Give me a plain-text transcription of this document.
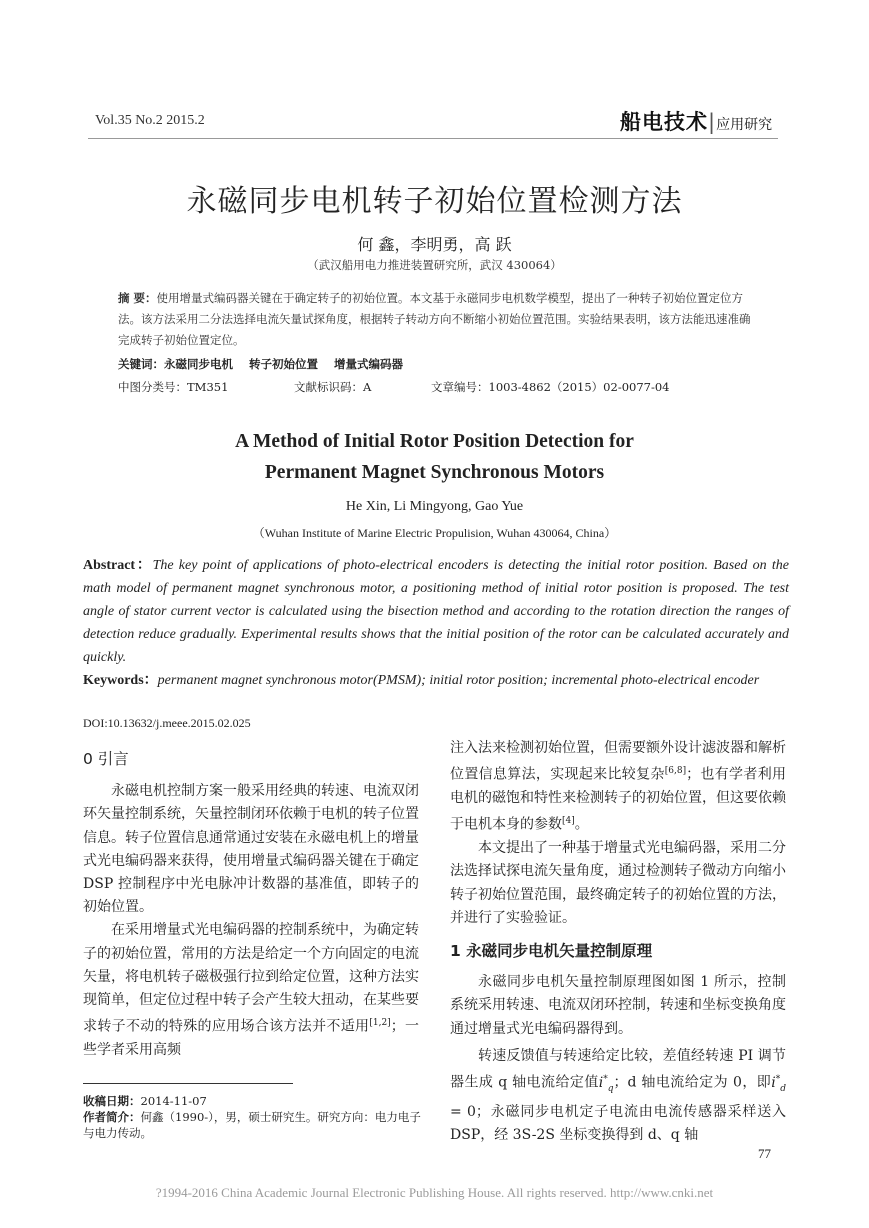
Vol.35 No.2 2015.2	船电技术|应用研究
永磁同步电机转子初始位置检测方法
何 鑫，李明勇，高 跃
（武汉船用电力推进装置研究所，武汉 430064）
摘 要：使用增量式编码器关键在于确定转子的初始位置。本文基于永磁同步电机数学模型，提出了一种转子初始位置定位方法。该方法采用二分法选择电流矢量试探角度，根据转子转动方向不断缩小初始位置范围。实验结果表明，该方法能迅速准确完成转子初始位置定位。
关键词：永磁同步电机 转子初始位置 增量式编码器
中图分类号：TM351	文献标识码：A	文章编号：1003-4862（2015）02-0077-04
A Method of Initial Rotor Position Detection for
Permanent Magnet Synchronous Motors
He Xin, Li Mingyong, Gao Yue
（Wuhan Institute of Marine Electric Propulision, Wuhan 430064, China）
Abstract：The key point of applications of photo-electrical encoders is detecting the initial rotor position. Based on the math model of permanent magnet synchronous motor, a positioning method of initial rotor position is proposed. The test angle of stator current vector is calculated using the bisection method and according to the rotation direction the ranges of detection reduce gradually. Experimental results shows that the initial position of the rotor can be calculated accurately and quickly.
Keywords：permanent magnet synchronous motor(PMSM); initial rotor position; incremental photo-electrical encoder
DOI:10.13632/j.meee.2015.02.025
0 引言

永磁电机控制方案一般采用经典的转速、电流双闭环矢量控制系统，矢量控制闭环依赖于电机的转子位置信息。转子位置信息通常通过安装在永磁电机上的增量式光电编码器来获得，使用增量式编码器关键在于确定 DSP 控制程序中光电脉冲计数器的基准值，即转子的初始位置。

在采用增量式光电编码器的控制系统中，为确定转子的初始位置，常用的方法是给定一个方向固定的电流矢量，将电机转子磁极强行拉到给定位置，这种方法实现简单，但定位过程中转子会产生较大扭动，在某些要求转子不动的特殊的应用场合该方法并不适用[1,2]；一些学者采用高频

注入法来检测初始位置，但需要额外设计滤波器和解析位置信息算法，实现起来比较复杂[6,8]；也有学者利用电机的磁饱和特性来检测转子的初始位置，但这要依赖于电机本身的参数[4]。

本文提出了一种基于增量式光电编码器，采用二分法选择试探电流矢量角度，通过检测转子微动方向缩小转子初始位置范围，最终确定转子的初始位置的方法，并进行了实验验证。

1 永磁同步电机矢量控制原理

永磁同步电机矢量控制原理图如图 1 所示，控制系统采用转速、电流双闭环控制，转速和坐标变换角度通过增量式光电编码器得到。

转速反馈值与转速给定比较，差值经转速 PI 调节器生成 q 轴电流给定值$i^*_q$；d 轴电流给定为 0，即$i^*_d = 0$；永磁同步电机定子电流由电流传感器采样送入 DSP，经 3S-2S 坐标变换得到 d、q 轴

收稿日期：2014-11-07
作者简介：何鑫（1990-），男，硕士研究生。研究方向：电力电子与电力传动。
77
?1994-2016 China Academic Journal Electronic Publishing House. All rights reserved. http://www.cnki.net
